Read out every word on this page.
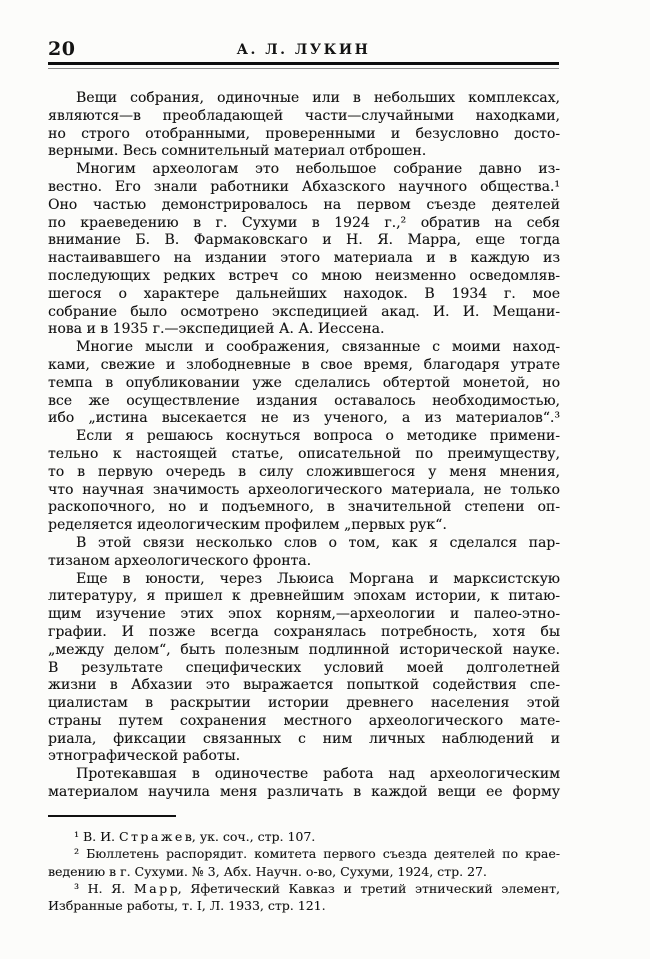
20	А. Л. ЛУКИН
Вещи собрания, одиночные или в небольших комплексах,
являются—в преобладающей части—случайными находками,
но строго отобранными, проверенными и безусловно досто-
верными. Весь сомнительный материал отброшен.
Многим археологам это небольшое собрание давно из-
вестно. Его знали работники Абхазского научного общества.¹
Оно частью демонстрировалось на первом съезде деятелей
по краеведению в г. Сухуми в 1924 г.,² обратив на себя
внимание Б. В. Фармаковскаго и Н. Я. Марра, еще тогда
настаивавшего на издании этого материала и в каждую из
последующих редких встреч со мною неизменно осведомляв-
шегося о характере дальнейших находок. В 1934 г. мое
собрание было осмотрено экспедицией акад. И. И. Мещани-
нова и в 1935 г.—экспедицией А. А. Иессена.
Многие мысли и соображения, связанные с моими наход-
ками, свежие и злободневные в свое время, благодаря утрате
темпа в опубликовании уже сделались обтертой монетой, но
все же осуществление издания оставалось необходимостью,
ибо „истина высекается не из ученого, а из материалов“.³
Если я решаюсь коснуться вопроса о методике примени-
тельно к настоящей статье, описательной по преимуществу,
то в первую очередь в силу сложившегося у меня мнения,
что научная значимость археологического материала, не только
раскопочного, но и подъемного, в значительной степени оп-
ределяется идеологическим профилем „первых рук“.
В этой связи несколько слов о том, как я сделался пар-
тизаном археологического фронта.
Еще в юности, через Льюиса Моргана и марксистскую
литературу, я пришел к древнейшим эпохам истории, к питаю-
щим изучение этих эпох корням,—археологии и палео-этно-
графии. И позже всегда сохранялась потребность, хотя бы
„между делом“, быть полезным подлинной исторической науке.
В результате специфических условий моей долголетней
жизни в Абхазии это выражается попыткой содействия спе-
циалистам в раскрытии истории древнего населения этой
страны путем сохранения местного археологического мате-
риала, фиксации связанных с ним личных наблюдений и
этнографической работы.
Протекавшая в одиночестве работа над археологическим
материалом научила меня различать в каждой вещи ее форму
¹ В. И. С т р а ж е в, ук. соч., стр. 107.
² Бюллетень распорядит. комитета первого съезда деятелей по крае-
ведению в г. Сухуми. № 3, Абх. Научн. о-во, Сухуми, 1924, стр. 27.
³ Н. Я. М а р р, Яфетический Кавказ и третий этнический элемент,
Избранные работы, т. I, Л. 1933, стр. 121.
